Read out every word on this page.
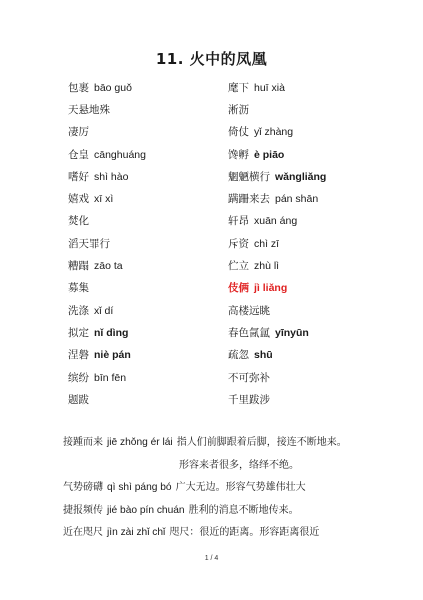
11. 火中的凤凰
包裹 bāo guǒ	麾下 huī xià
天悬地殊	淅沥
凄厉	倚仗 yǐ zhàng
仓皇 cānghuáng	馋孵 è piāo
嗜好 shì hào	魍魉横行 wǎngliǎng
嬉戏 xī xì	蹒跚来去 pán shān
焚化	轩昂 xuān áng
滔天罪行	斥资 chì zī
糟蹋 zāo ta	伫立 zhù lì
募集	伎俩 jì liǎng
洗涤 xǐ dí	高楼远眺
拟定 nǐ dìng	春色氤氲 yīnyūn
涅磐 niè pán	疏忽 shū
缤纷 bīn fēn	不可弥补
题跋	千里跋涉
接踵而来 jiē zhǒng ér lái 指人们前脚跟着后脚，接连不断地来。
形容来者很多，络绎不绝。
气势磅礴 qì shì páng bó 广大无边。形容气势雄伟壮大
捷报频传 jié bào pín chuán 胜利的消息不断地传来。
近在咫尺 jìn zài zhǐ chǐ 咫尺：很近的距离。形容距离很近
1 / 4
